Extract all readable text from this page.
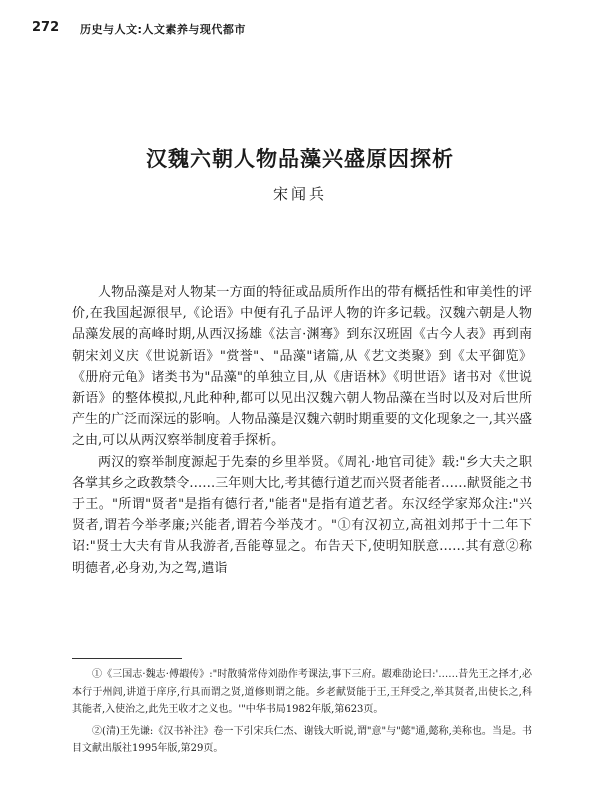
272 历史与人文:人文素养与现代都市
汉魏六朝人物品藻兴盛原因探析
宋闻兵

人物品藻是对人物某一方面的特征或品质所作出的带有概括性和审美性的评价,在我国起源很早,《论语》中便有孔子品评人物的许多记载。汉魏六朝是人物品藻发展的高峰时期,从西汉扬雄《法言·渊骞》到东汉班固《古今人表》再到南朝宋刘义庆《世说新语》"赏誉"、"品藻"诸篇,从《艺文类聚》到《太平御览》《册府元龟》诸类书为"品藻"的单独立目,从《唐语林》《明世语》诸书对《世说新语》的整体模拟,凡此种种,都可以见出汉魏六朝人物品藻在当时以及对后世所产生的广泛而深远的影响。人物品藻是汉魏六朝时期重要的文化现象之一,其兴盛之由,可以从两汉察举制度着手探析。

两汉的察举制度源起于先秦的乡里举贤。《周礼·地官司徒》载:"乡大夫之职各掌其乡之政教禁令……三年则大比,考其德行道艺而兴贤者能者……献贤能之书于王。"所谓"贤者"是指有德行者,"能者"是指有道艺者。东汉经学家郑众注:"兴贤者,谓若今举孝廉;兴能者,谓若今举茂才。"①有汉初立,高祖刘邦于十二年下诏:"贤士大夫有肯从我游者,吾能尊显之。布告天下,使明知朕意……其有意②称明德者,必身劝,为之驾,遣诣

①《三国志·魏志·傅嘏传》:"时散骑常侍刘劭作考课法,事下三府。嘏难劭论曰:'……昔先王之择才,必本行于州闾,讲道于庠序,行具而谓之贤,道修则谓之能。乡老献贤能于王,王拜受之,举其贤者,出使长之,科其能者,入使治之,此先王收才之义也。'"中华书局1982年版,第623页。

②(清)王先谦:《汉书补注》卷一下引宋兵仁杰、谢钱大昕说,谓"意"与"懿"通,懿称,美称也。当是。书目文献出版社1995年版,第29页。
